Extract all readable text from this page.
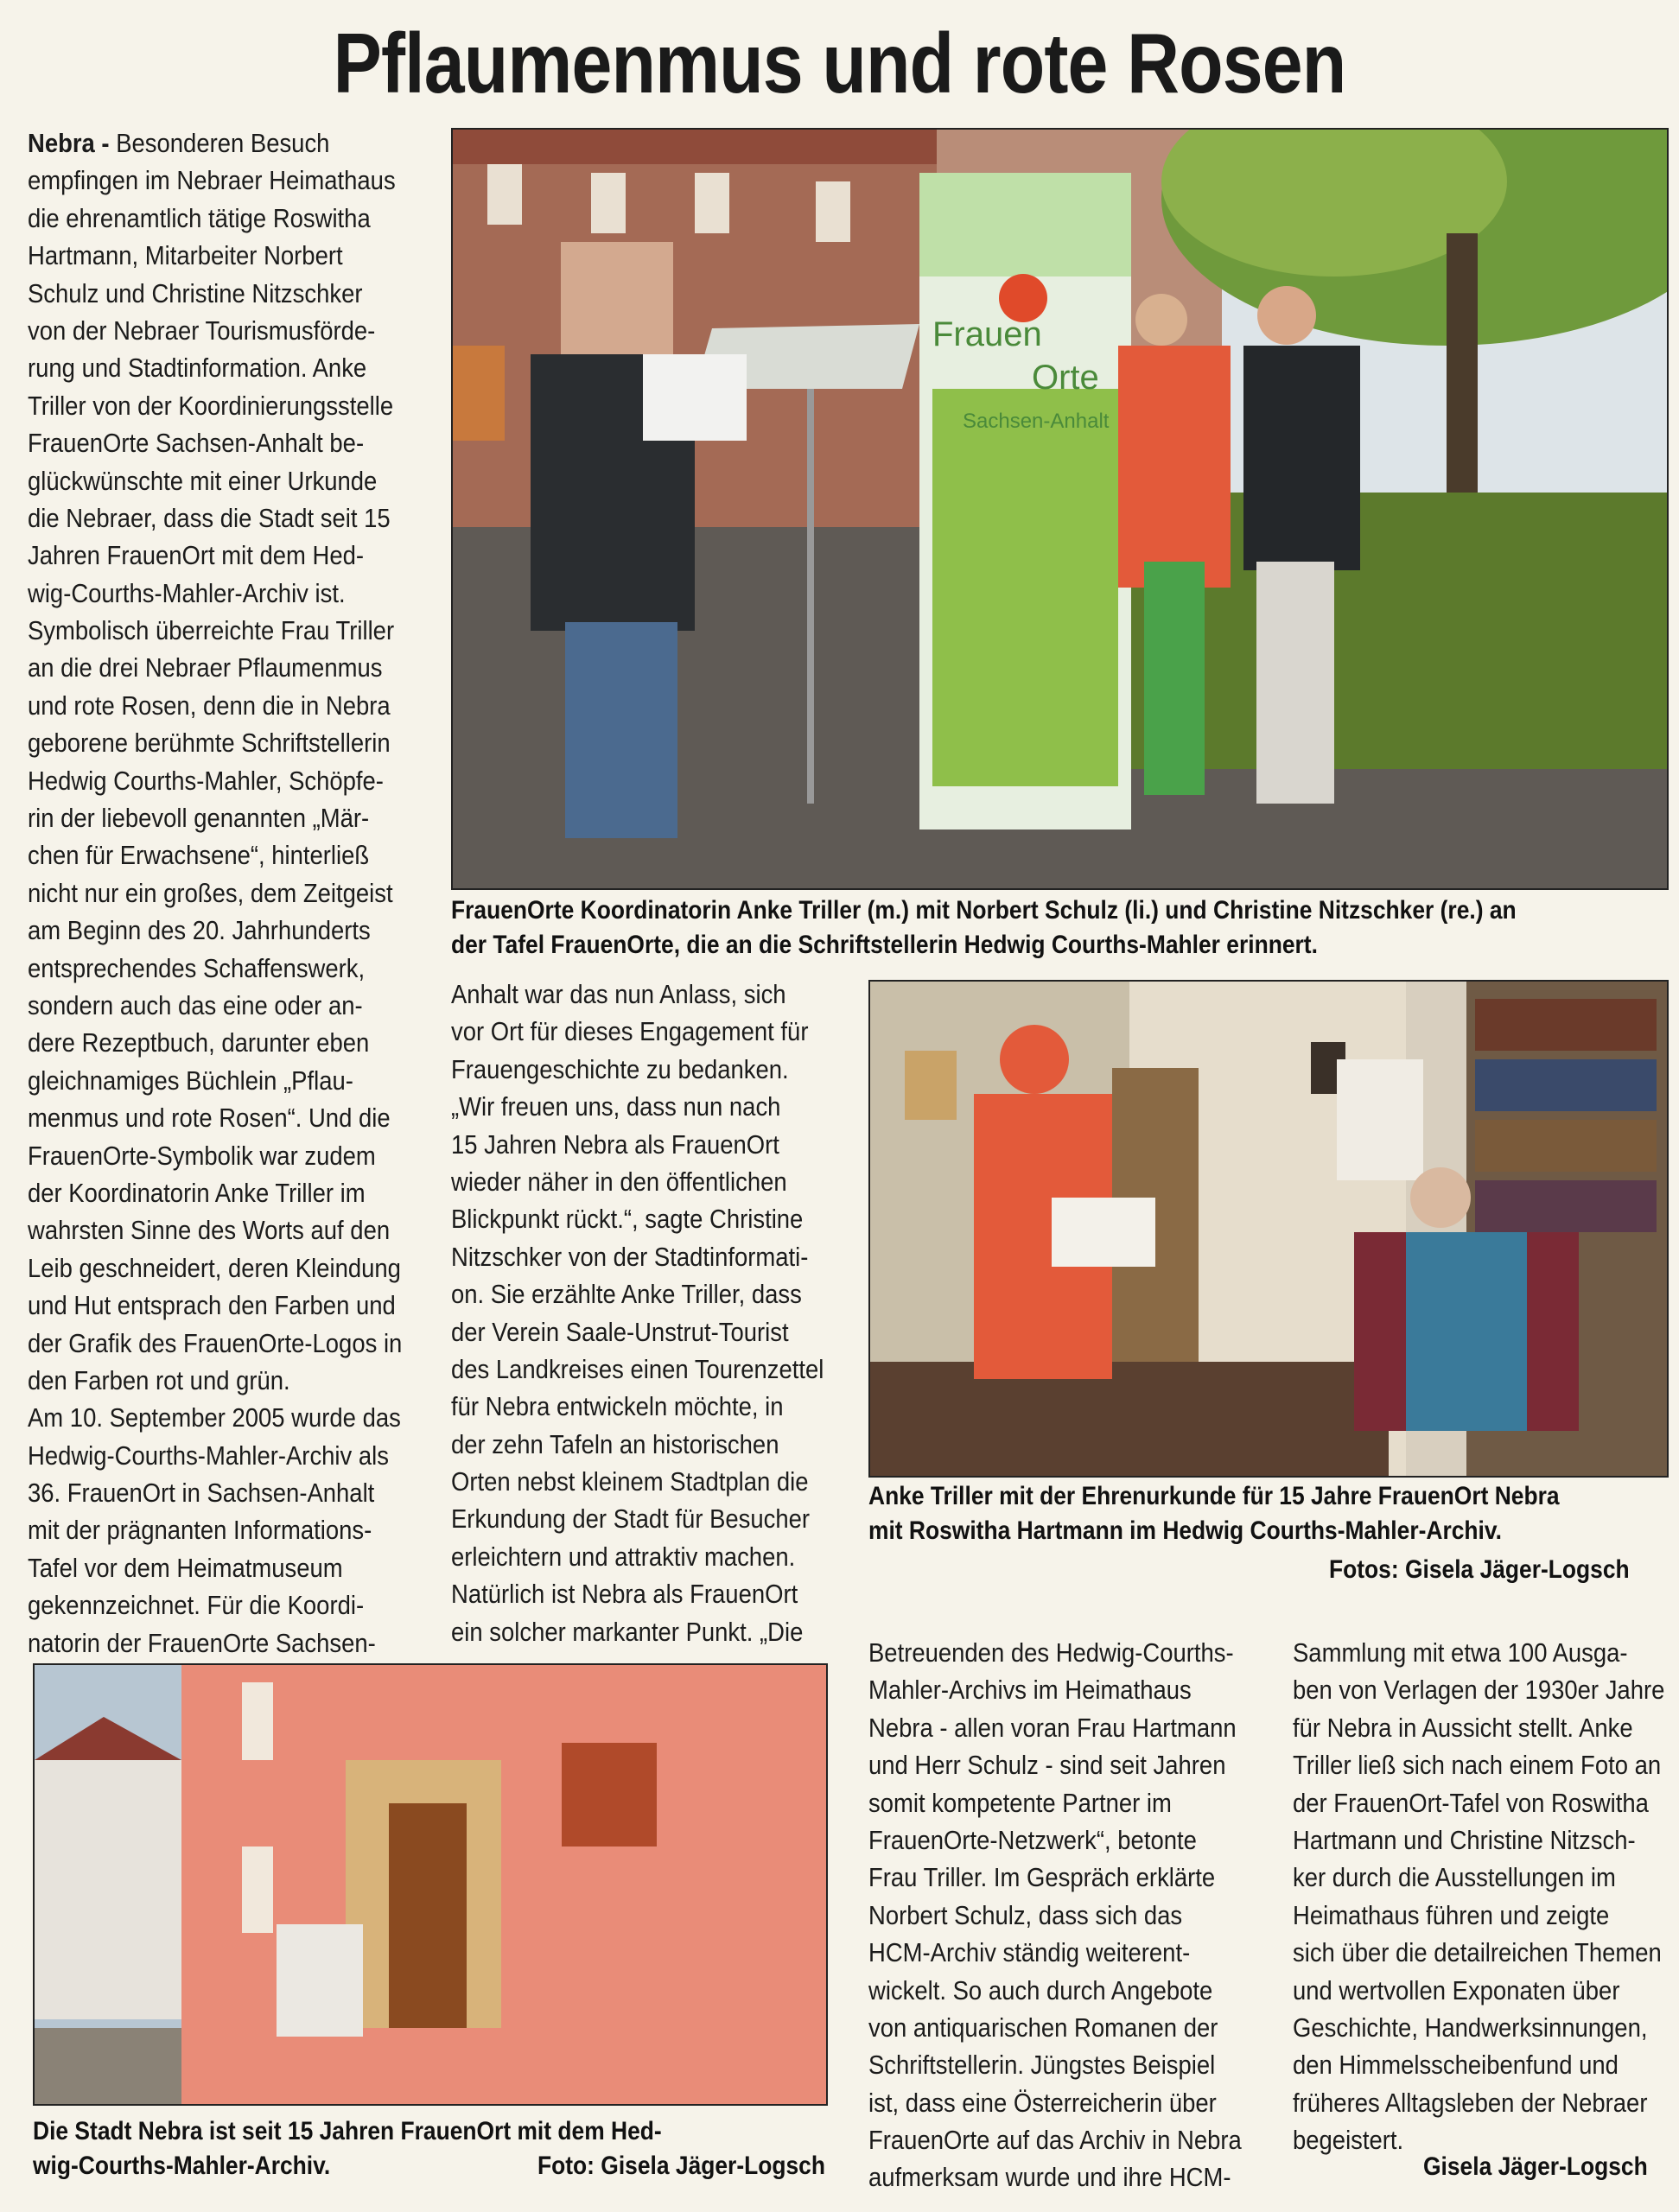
Pflaumenmus und rote Rosen
Nebra - Besonderen Besuch
empfingen im Nebraer Heimathaus
die ehrenamtlich tätige Roswitha
Hartmann, Mitarbeiter Norbert
Schulz und Christine Nitzschker
von der Nebraer Tourismusförde-
rung und Stadtinformation. Anke
Triller von der Koordinierungsstelle
FrauenOrte Sachsen-Anhalt be-
glückwünschte mit einer Urkunde
die Nebraer, dass die Stadt seit 15
Jahren FrauenOrt mit dem Hed-
wig-Courths-Mahler-Archiv ist.
Symbolisch überreichte Frau Triller
an die drei Nebraer Pflaumenmus
und rote Rosen, denn die in Nebra
geborene berühmte Schriftstellerin
Hedwig Courths-Mahler, Schöpfe-
rin der liebevoll genannten „Mär-
chen für Erwachsene“, hinterließ
nicht nur ein großes, dem Zeitgeist
am Beginn des 20. Jahrhunderts
entsprechendes Schaffenswerk,
sondern auch das eine oder an-
dere Rezeptbuch, darunter eben
gleichnamiges Büchlein „Pflau-
menmus und rote Rosen“. Und die
FrauenOrte-Symbolik war zudem
der Koordinatorin Anke Triller im
wahrsten Sinne des Worts auf den
Leib geschneidert, deren Kleindung
und Hut entsprach den Farben und
der Grafik des FrauenOrte-Logos in
den Farben rot und grün.
Am 10. September 2005 wurde das
Hedwig-Courths-Mahler-Archiv als
36. FrauenOrt in Sachsen-Anhalt
mit der prägnanten Informations-
Tafel vor dem Heimatmuseum
gekennzeichnet. Für die Koordi-
natorin der FrauenOrte Sachsen-
Frauen
Orte
Sachsen-Anhalt
FrauenOrte Koordinatorin Anke Triller (m.) mit Norbert Schulz (li.) und Christine Nitzschker (re.) an
der Tafel FrauenOrte, die an die Schriftstellerin Hedwig Courths-Mahler erinnert.
Anhalt war das nun Anlass, sich
vor Ort für dieses Engagement für
Frauengeschichte zu bedanken.
„Wir freuen uns, dass nun nach
15 Jahren Nebra als FrauenOrt
wieder näher in den öffentlichen
Blickpunkt rückt.“, sagte Christine
Nitzschker von der Stadtinformati-
on. Sie erzählte Anke Triller, dass
der Verein Saale-Unstrut-Tourist
des Landkreises einen Tourenzettel
für Nebra entwickeln möchte, in
der zehn Tafeln an historischen
Orten nebst kleinem Stadtplan die
Erkundung der Stadt für Besucher
erleichtern und attraktiv machen.
Natürlich ist Nebra als FrauenOrt
ein solcher markanter Punkt. „Die
Anke Triller mit der Ehrenurkunde für 15 Jahre FrauenOrt Nebra
mit Roswitha Hartmann im Hedwig Courths-Mahler-Archiv.
Fotos: Gisela Jäger-Logsch
Die Stadt Nebra ist seit 15 Jahren FrauenOrt mit dem Hed-
wig-Courths-Mahler-Archiv.	Foto: Gisela Jäger-Logsch
Betreuenden des Hedwig-Courths-
Mahler-Archivs im Heimathaus
Nebra - allen voran Frau Hartmann
und Herr Schulz - sind seit Jahren
somit kompetente Partner im
FrauenOrte-Netzwerk“, betonte
Frau Triller. Im Gespräch erklärte
Norbert Schulz, dass sich das
HCM-Archiv ständig weiterent-
wickelt. So auch durch Angebote
von antiquarischen Romanen der
Schriftstellerin. Jüngstes Beispiel
ist, dass eine Österreicherin über
FrauenOrte auf das Archiv in Nebra
aufmerksam wurde und ihre HCM-
Sammlung mit etwa 100 Ausga-
ben von Verlagen der 1930er Jahre
für Nebra in Aussicht stellt. Anke
Triller ließ sich nach einem Foto an
der FrauenOrt-Tafel von Roswitha
Hartmann und Christine Nitzsch-
ker durch die Ausstellungen im
Heimathaus führen und zeigte
sich über die detailreichen Themen
und wertvollen Exponaten über
Geschichte, Handwerksinnungen,
den Himmelsscheibenfund und
früheres Alltagsleben der Nebraer
begeistert.
Gisela Jäger-Logsch
